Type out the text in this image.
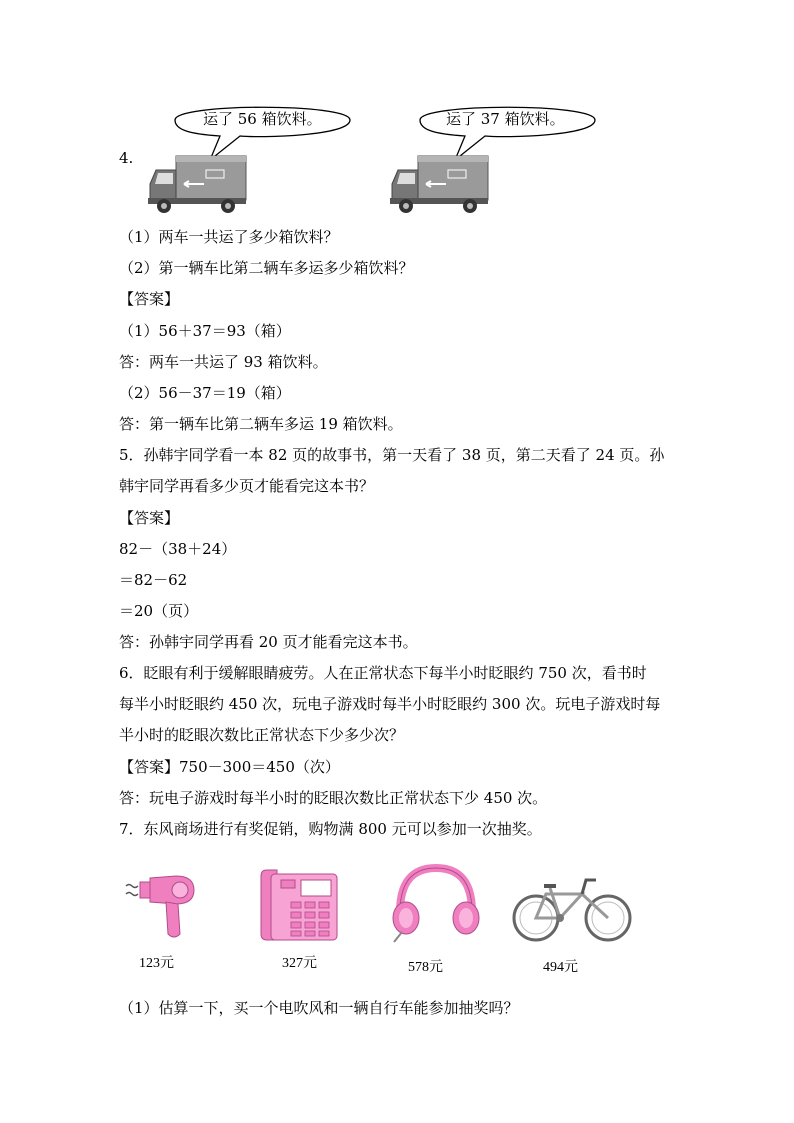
4.
运了 56 箱饮料。	运了 37 箱饮料。
（1）两车一共运了多少箱饮料？
（2）第一辆车比第二辆车多运多少箱饮料？
【答案】
（1）56＋37＝93（箱）
答：两车一共运了 93 箱饮料。
（2）56－37＝19（箱）
答：第一辆车比第二辆车多运 19 箱饮料。
5．孙韩宇同学看一本 82 页的故事书，第一天看了 38 页，第二天看了 24 页。孙
韩宇同学再看多少页才能看完这本书？
【答案】
82－（38＋24）
＝82－62
＝20（页）
答：孙韩宇同学再看 20 页才能看完这本书。
6．眨眼有利于缓解眼睛疲劳。人在正常状态下每半小时眨眼约 750 次，看书时
每半小时眨眼约 450 次，玩电子游戏时每半小时眨眼约 300 次。玩电子游戏时每
半小时的眨眼次数比正常状态下少多少次？
【答案】750－300＝450（次）
答：玩电子游戏时每半小时的眨眼次数比正常状态下少 450 次。
7．东风商场进行有奖促销，购物满 800 元可以参加一次抽奖。
123元	327元	578元	494元
（1）估算一下，买一个电吹风和一辆自行车能参加抽奖吗？
